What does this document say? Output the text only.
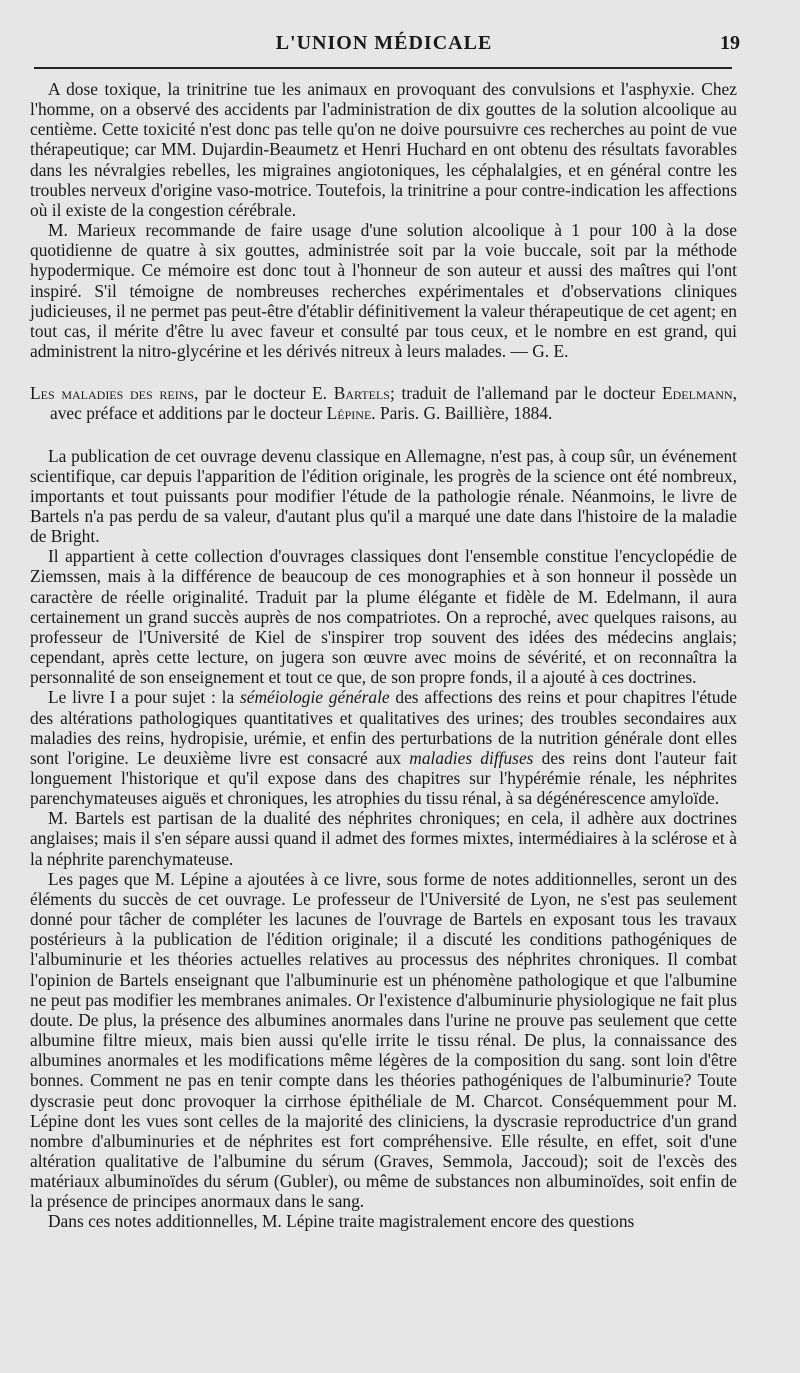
L'UNION MÉDICALE	19

A dose toxique, la trinitrine tue les animaux en provoquant des convulsions et l'asphyxie. Chez l'homme, on a observé des accidents par l'administration de dix gouttes de la solution alcoolique au centième. Cette toxicité n'est donc pas telle qu'on ne doive poursuivre ces recherches au point de vue thérapeutique; car MM. Dujardin-Beaumetz et Henri Huchard en ont obtenu des résultats favorables dans les névralgies rebelles, les migraines angiotoniques, les céphalalgies, et en général contre les troubles nerveux d'origine vaso-motrice. Toutefois, la trinitrine a pour contre-indication les affections où il existe de la congestion cérébrale.

M. Marieux recommande de faire usage d'une solution alcoolique à 1 pour 100 à la dose quotidienne de quatre à six gouttes, administrée soit par la voie buccale, soit par la méthode hypodermique. Ce mémoire est donc tout à l'honneur de son auteur et aussi des maîtres qui l'ont inspiré. S'il témoigne de nombreuses recherches expérimentales et d'observations cliniques judicieuses, il ne permet pas peut-être d'établir définitivement la valeur thérapeutique de cet agent; en tout cas, il mérite d'être lu avec faveur et consulté par tous ceux, et le nombre en est grand, qui administrent la nitro-glycérine et les dérivés nitreux à leurs malades. — G. E.

Les maladies des reins, par le docteur E. Bartels; traduit de l'allemand par le docteur Edelmann, avec préface et additions par le docteur Lépine. Paris. G. Baillière, 1884.

La publication de cet ouvrage devenu classique en Allemagne, n'est pas, à coup sûr, un événement scientifique, car depuis l'apparition de l'édition originale, les progrès de la science ont été nombreux, importants et tout puissants pour modifier l'étude de la pathologie rénale. Néanmoins, le livre de Bartels n'a pas perdu de sa valeur, d'autant plus qu'il a marqué une date dans l'histoire de la maladie de Bright.

Il appartient à cette collection d'ouvrages classiques dont l'ensemble constitue l'encyclopédie de Ziemssen, mais à la différence de beaucoup de ces monographies et à son honneur il possède un caractère de réelle originalité. Traduit par la plume élégante et fidèle de M. Edelmann, il aura certainement un grand succès auprès de nos compatriotes. On a reproché, avec quelques raisons, au professeur de l'Université de Kiel de s'inspirer trop souvent des idées des médecins anglais; cependant, après cette lecture, on jugera son œuvre avec moins de sévérité, et on reconnaîtra la personnalité de son enseignement et tout ce que, de son propre fonds, il a ajouté à ces doctrines.

Le livre I a pour sujet : la séméiologie générale des affections des reins et pour chapitres l'étude des altérations pathologiques quantitatives et qualitatives des urines; des troubles secondaires aux maladies des reins, hydropisie, urémie, et enfin des perturbations de la nutrition générale dont elles sont l'origine. Le deuxième livre est consacré aux maladies diffuses des reins dont l'auteur fait longuement l'historique et qu'il expose dans des chapitres sur l'hypérémie rénale, les néphrites parenchymateuses aiguës et chroniques, les atrophies du tissu rénal, à sa dégénérescence amyloïde.

M. Bartels est partisan de la dualité des néphrites chroniques; en cela, il adhère aux doctrines anglaises; mais il s'en sépare aussi quand il admet des formes mixtes, intermédiaires à la sclérose et à la néphrite parenchymateuse.

Les pages que M. Lépine a ajoutées à ce livre, sous forme de notes additionnelles, seront un des éléments du succès de cet ouvrage. Le professeur de l'Université de Lyon, ne s'est pas seulement donné pour tâcher de compléter les lacunes de l'ouvrage de Bartels en exposant tous les travaux postérieurs à la publication de l'édition originale; il a discuté les conditions pathogéniques de l'albuminurie et les théories actuelles relatives au processus des néphrites chroniques. Il combat l'opinion de Bartels enseignant que l'albuminurie est un phénomène pathologique et que l'albumine ne peut pas modifier les membranes animales. Or l'existence d'albuminurie physiologique ne fait plus doute. De plus, la présence des albumines anormales dans l'urine ne prouve pas seulement que cette albumine filtre mieux, mais bien aussi qu'elle irrite le tissu rénal. De plus, la connaissance des albumines anormales et les modifications même légères de la composition du sang. sont loin d'être bonnes. Comment ne pas en tenir compte dans les théories pathogéniques de l'albuminurie? Toute dyscrasie peut donc provoquer la cirrhose épithéliale de M. Charcot. Conséquemment pour M. Lépine dont les vues sont celles de la majorité des cliniciens, la dyscrasie reproductrice d'un grand nombre d'albuminuries et de néphrites est fort compréhensive. Elle résulte, en effet, soit d'une altération qualitative de l'albumine du sérum (Graves, Semmola, Jaccoud); soit de l'excès des matériaux albuminoïdes du sérum (Gubler), ou même de substances non albuminoïdes, soit enfin de la présence de principes anormaux dans le sang.

Dans ces notes additionnelles, M. Lépine traite magistralement encore des questions
